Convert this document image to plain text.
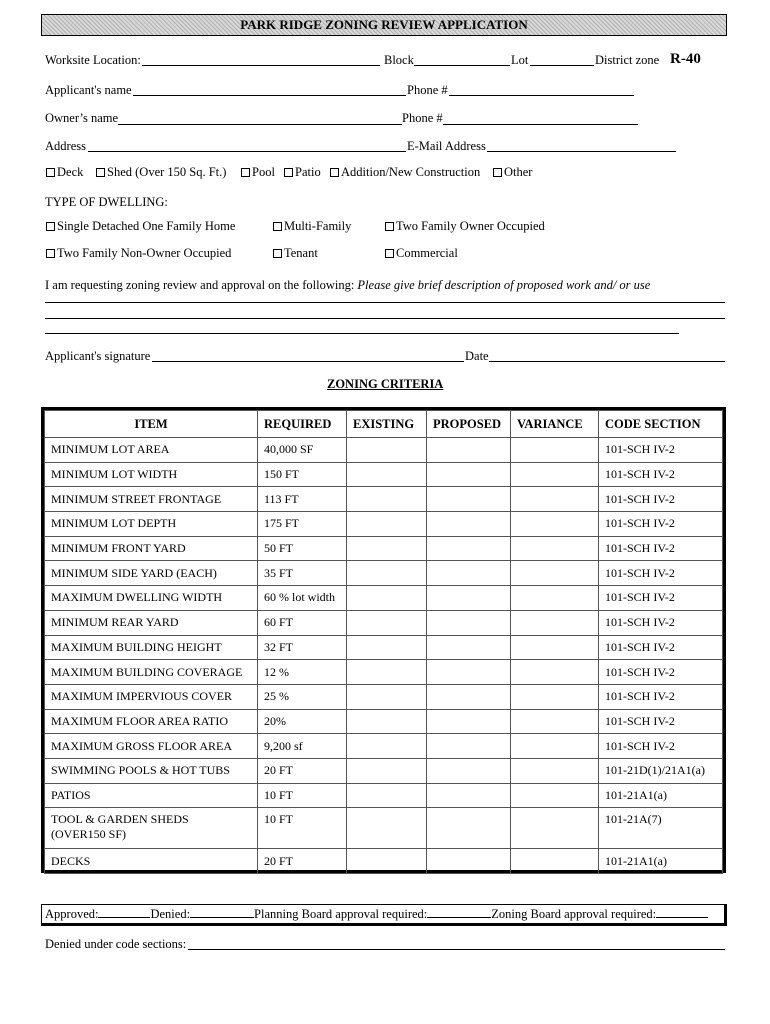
PARK RIDGE ZONING REVIEW APPLICATION
Worksite Location:	Block	Lot	District zone R-40
Applicant's name	Phone #
Owner’s name	Phone #
Address	E-Mail Address
Deck	Shed (Over 150 Sq. Ft.)	Pool	Patio	Addition/New Construction	Other
TYPE OF DWELLING:
Single Detached One Family Home	Multi-Family	Two Family Owner Occupied
Two Family Non-Owner Occupied	Tenant	Commercial
I am requesting zoning review and approval on the following: Please give brief description of proposed work and/ or use
Applicant's signature	Date
ZONING CRITERIA
ITEM	REQUIRED	EXISTING	PROPOSED	VARIANCE	CODE SECTION
MINIMUM LOT AREA	40,000 SF				101-SCH IV-2
MINIMUM LOT WIDTH	150 FT				101-SCH IV-2
MINIMUM STREET FRONTAGE	113 FT				101-SCH IV-2
MINIMUM LOT DEPTH	175 FT				101-SCH IV-2
MINIMUM FRONT YARD	50 FT				101-SCH IV-2
MINIMUM SIDE YARD (EACH)	35 FT				101-SCH IV-2
MAXIMUM DWELLING WIDTH	60 % lot width				101-SCH IV-2
MINIMUM REAR YARD	60 FT				101-SCH IV-2
MAXIMUM BUILDING HEIGHT	32 FT				101-SCH IV-2
MAXIMUM BUILDING COVERAGE	12 %				101-SCH IV-2
MAXIMUM IMPERVIOUS COVER	25 %				101-SCH IV-2
MAXIMUM FLOOR AREA RATIO	20%				101-SCH IV-2
MAXIMUM GROSS FLOOR AREA	9,200 sf				101-SCH IV-2
SWIMMING POOLS & HOT TUBS	20 FT				101-21D(1)/21A1(a)
PATIOS	10 FT				101-21A1(a)
TOOL & GARDEN SHEDS
(OVER150 SF)	10 FT				101-21A(7)
DECKS	20 FT				101-21A1(a)
Approved:	Denied:	Planning Board approval required:	Zoning Board approval required:
Denied under code sections:
